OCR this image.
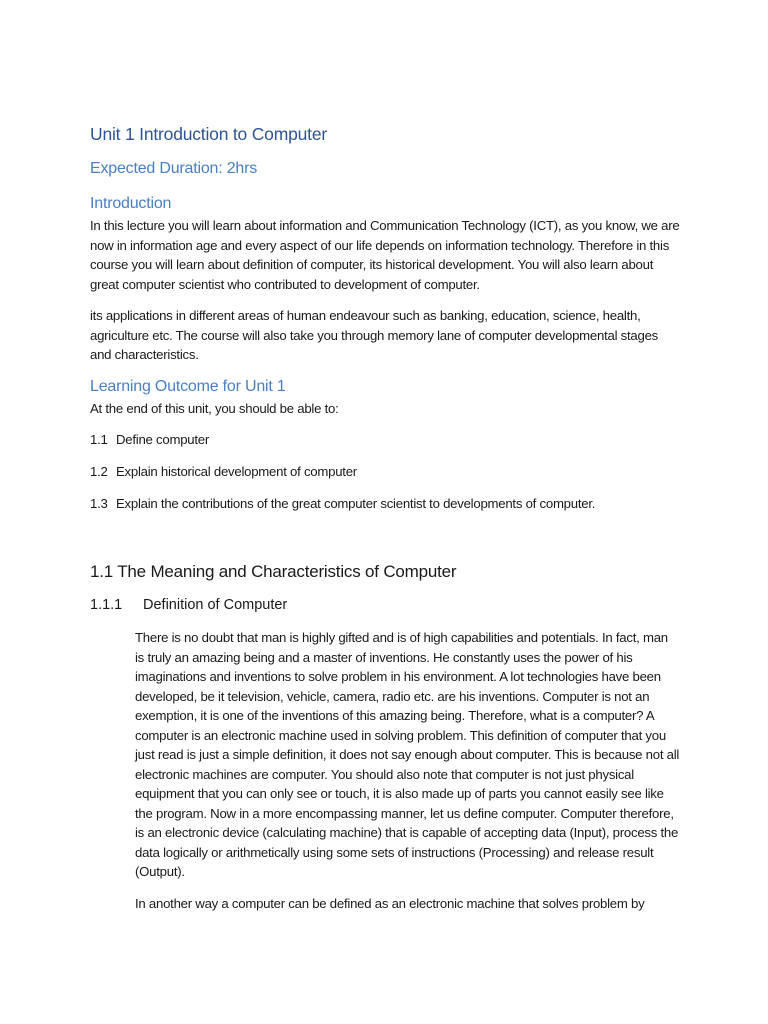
Unit 1 Introduction to Computer
Expected Duration: 2hrs
Introduction
In this lecture you will learn about information and Communication Technology (ICT), as you know, we are now in information age and every aspect of our life depends on information technology. Therefore in this course you will learn about definition of computer, its historical development. You will also learn about great computer scientist who contributed to development of computer.
its applications in different areas of human endeavour such as banking, education, science, health, agriculture etc. The course will also take you through memory lane of computer developmental stages and characteristics.
Learning Outcome for Unit 1
At the end of this unit, you should be able to:
1.1 Define computer
1.2 Explain historical development of computer
1.3 Explain the contributions of the great computer scientist to developments of computer.
1.1 The Meaning and Characteristics of Computer
1.1.1 Definition of Computer
There is no doubt that man is highly gifted and is of high capabilities and potentials. In fact, man is truly an amazing being and a master of inventions. He constantly uses the power of his imaginations and inventions to solve problem in his environment. A lot technologies have been developed, be it television, vehicle, camera, radio etc. are his inventions. Computer is not an exemption, it is one of the inventions of this amazing being. Therefore, what is a computer? A computer is an electronic machine used in solving problem. This definition of computer that you just read is just a simple definition, it does not say enough about computer. This is because not all electronic machines are computer. You should also note that computer is not just physical equipment that you can only see or touch, it is also made up of parts you cannot easily see like the program. Now in a more encompassing manner, let us define computer. Computer therefore, is an electronic device (calculating machine) that is capable of accepting data (Input), process the data logically or arithmetically using some sets of instructions (Processing) and release result (Output).
In another way a computer can be defined as an electronic machine that solves problem by
